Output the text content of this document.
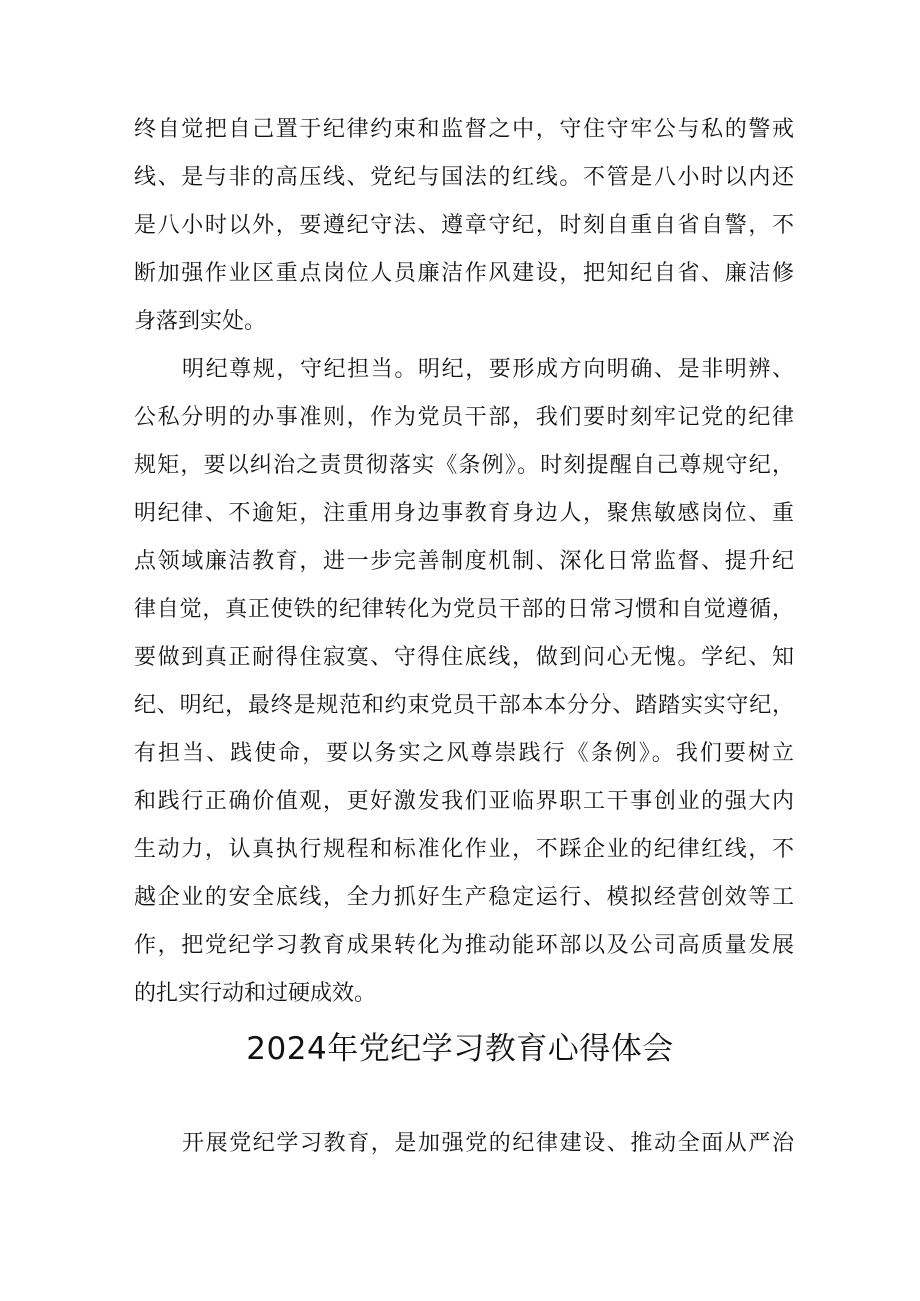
终自觉把自己置于纪律约束和监督之中，守住守牢公与私的警戒
线、是与非的高压线、党纪与国法的红线。不管是八小时以内还
是八小时以外，要遵纪守法、遵章守纪，时刻自重自省自警，不
断加强作业区重点岗位人员廉洁作风建设，把知纪自省、廉洁修
身落到实处。
明纪尊规，守纪担当。明纪，要形成方向明确、是非明辨、
公私分明的办事准则，作为党员干部，我们要时刻牢记党的纪律
规矩，要以纠治之责贯彻落实《条例》。时刻提醒自己尊规守纪，
明纪律、不逾矩，注重用身边事教育身边人，聚焦敏感岗位、重
点领域廉洁教育，进一步完善制度机制、深化日常监督、提升纪
律自觉，真正使铁的纪律转化为党员干部的日常习惯和自觉遵循，
要做到真正耐得住寂寞、守得住底线，做到问心无愧。学纪、知
纪、明纪，最终是规范和约束党员干部本本分分、踏踏实实守纪，
有担当、践使命，要以务实之风尊崇践行《条例》。我们要树立
和践行正确价值观，更好激发我们亚临界职工干事创业的强大内
生动力，认真执行规程和标准化作业，不踩企业的纪律红线，不
越企业的安全底线，全力抓好生产稳定运行、模拟经营创效等工
作，把党纪学习教育成果转化为推动能环部以及公司高质量发展
的扎实行动和过硬成效。
2024年党纪学习教育心得体会
开展党纪学习教育，是加强党的纪律建设、推动全面从严治
